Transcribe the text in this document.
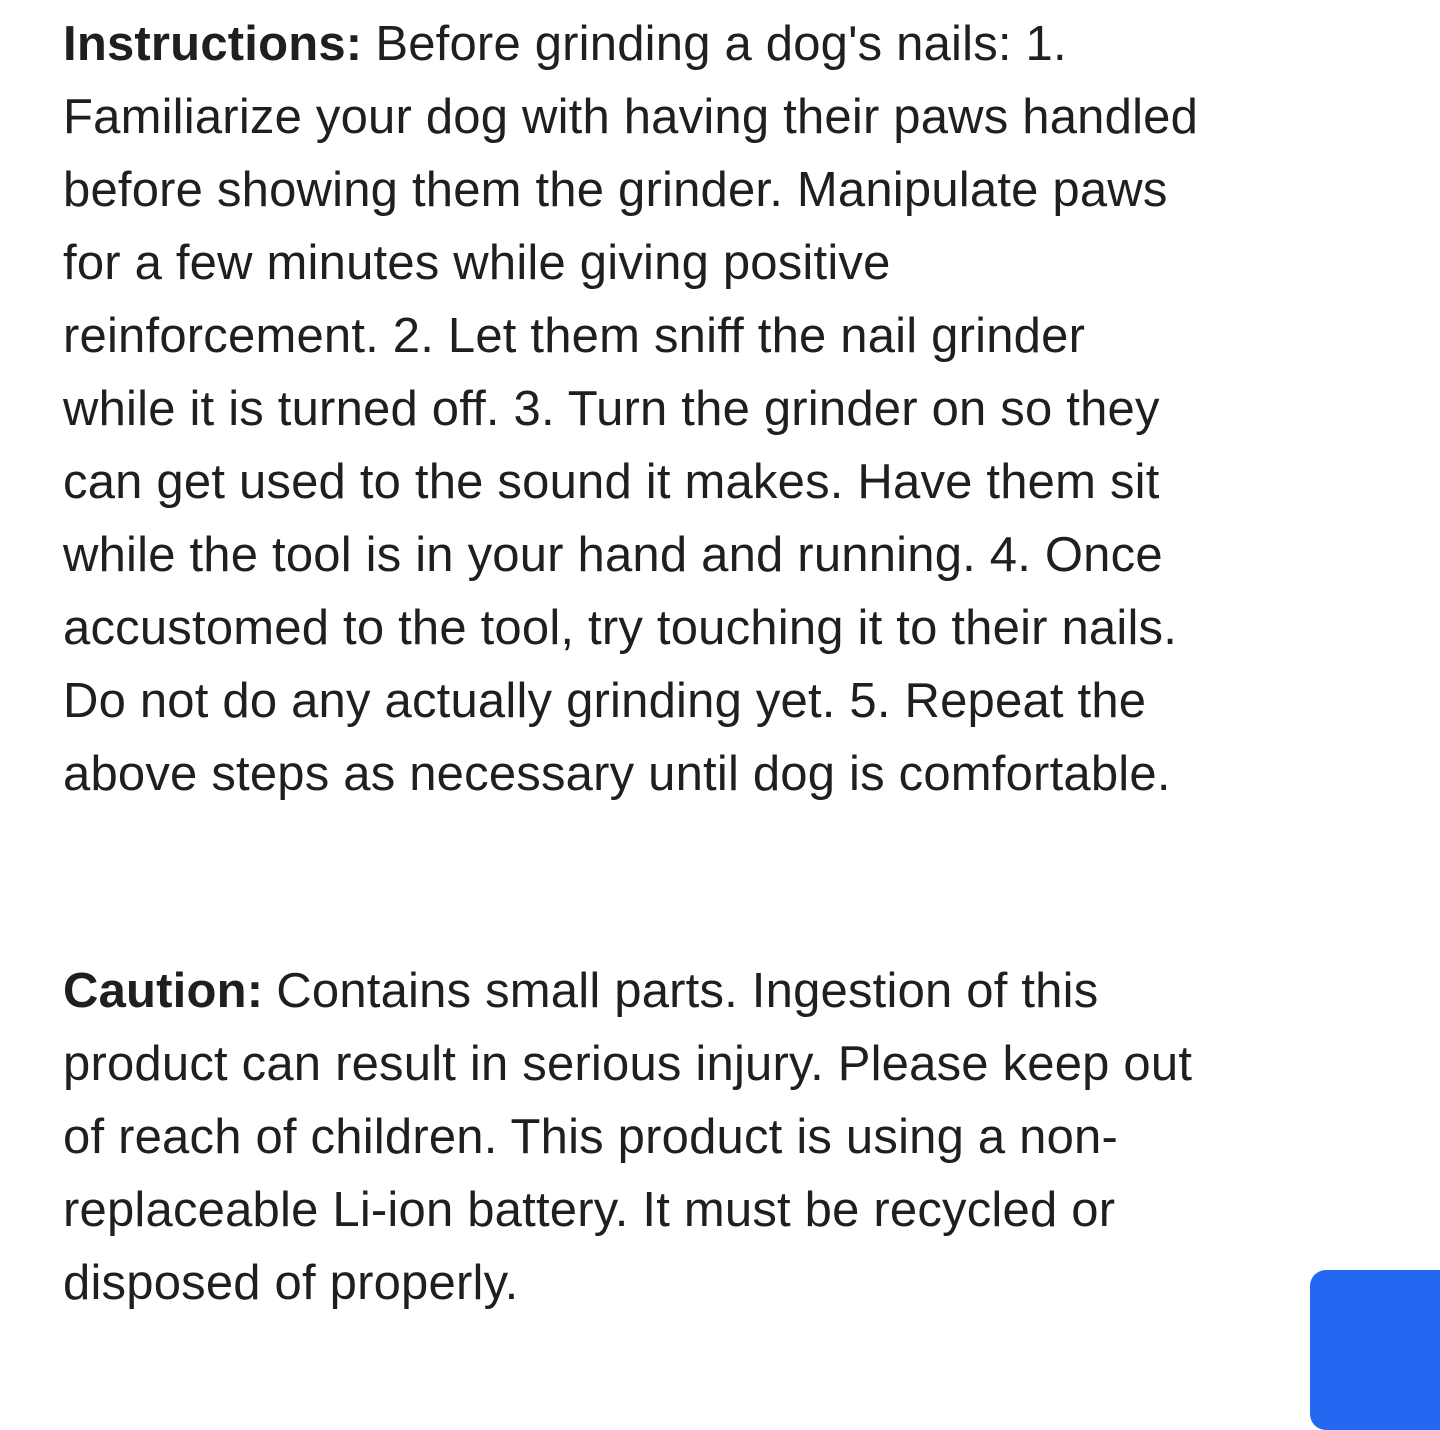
Instructions: Before grinding a dog's nails: 1.
Familiarize your dog with having their paws handled
before showing them the grinder. Manipulate paws
for a few minutes while giving positive
reinforcement. 2. Let them sniff the nail grinder
while it is turned off. 3. Turn the grinder on so they
can get used to the sound it makes. Have them sit
while the tool is in your hand and running. 4. Once
accustomed to the tool, try touching it to their nails.
Do not do any actually grinding yet. 5. Repeat the
above steps as necessary until dog is comfortable.

Caution: Contains small parts. Ingestion of this
product can result in serious injury. Please keep out
of reach of children. This product is using a non-
replaceable Li-ion battery. It must be recycled or
disposed of properly.
